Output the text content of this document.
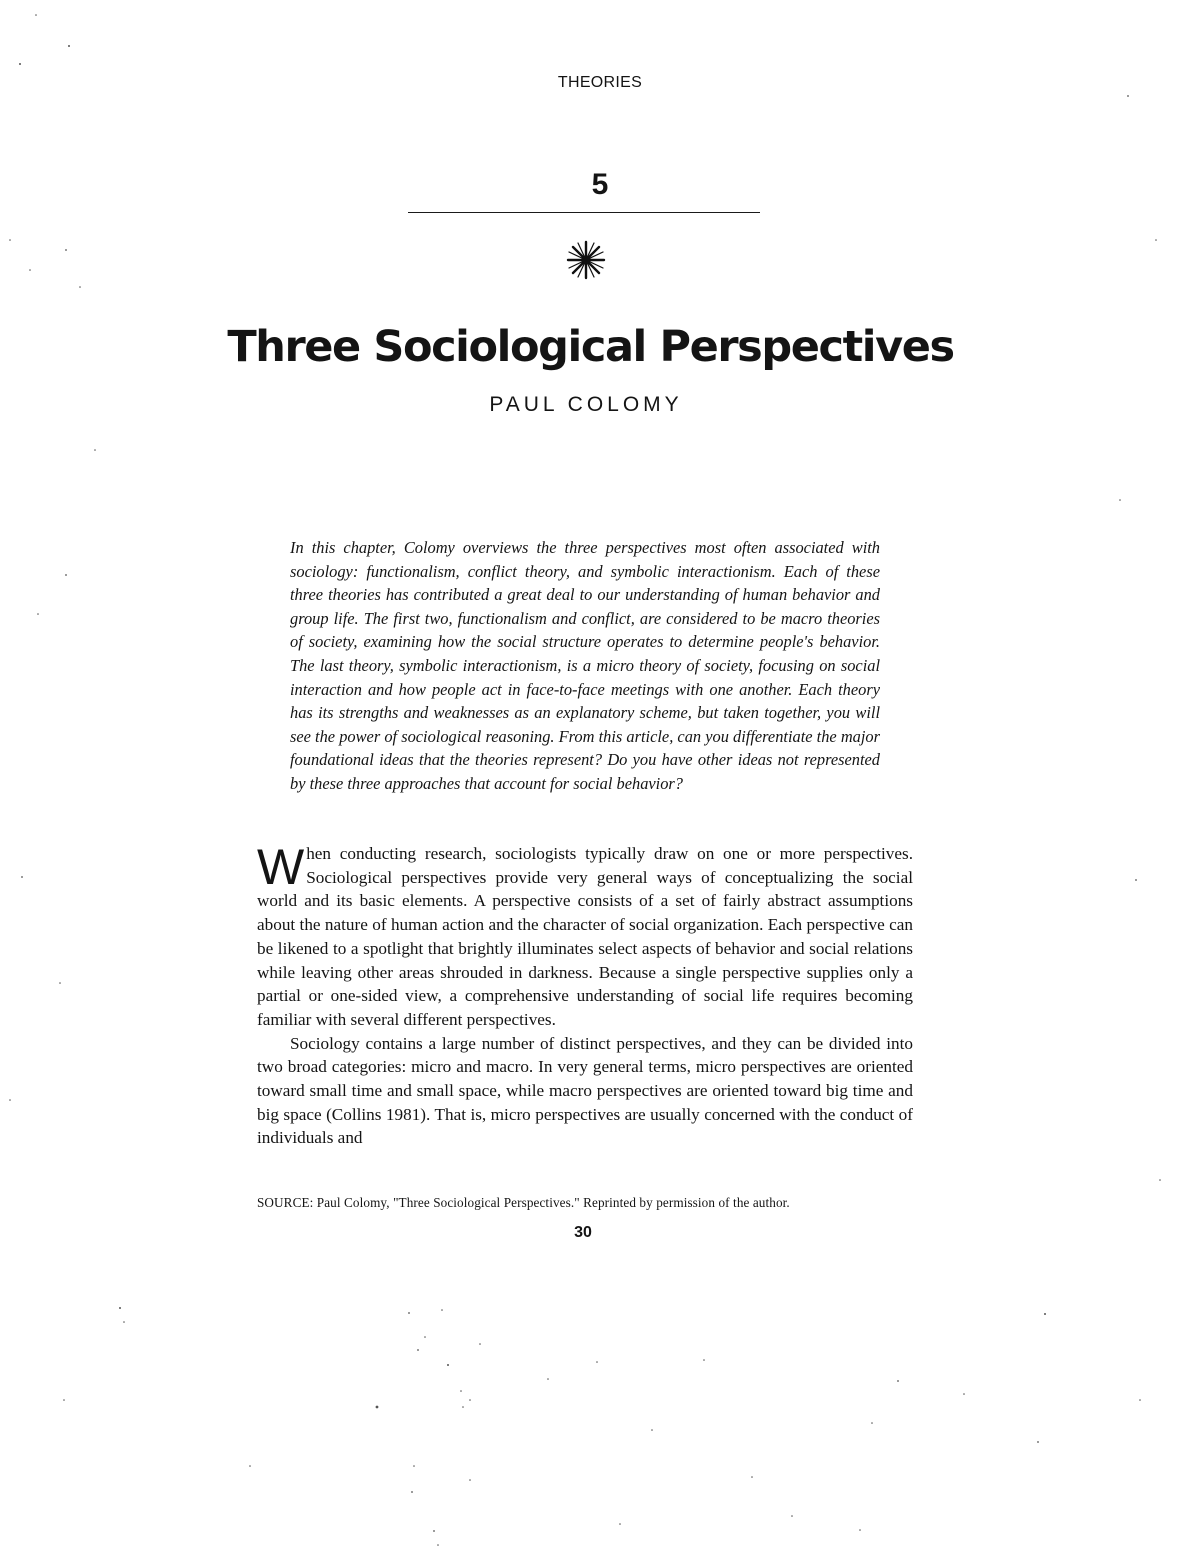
THEORIES
5
Three Sociological Perspectives
PAUL COLOMY

In this chapter, Colomy overviews the three perspectives most often associated with sociology: functionalism, conflict theory, and symbolic interactionism. Each of these three theories has contributed a great deal to our understanding of human behavior and group life. The first two, functionalism and conflict, are considered to be macro theories of society, examining how the social structure operates to determine people's behavior. The last theory, symbolic interactionism, is a micro theory of society, focusing on social interaction and how people act in face-to-face meetings with one another. Each theory has its strengths and weaknesses as an explanatory scheme, but taken together, you will see the power of sociological reasoning. From this article, can you differentiate the major foundational ideas that the theories represent? Do you have other ideas not represented by these three approaches that account for social behavior?

When conducting research, sociologists typically draw on one or more perspectives. Sociological perspectives provide very general ways of conceptualizing the social world and its basic elements. A perspective consists of a set of fairly abstract assumptions about the nature of human action and the character of social organization. Each perspective can be likened to a spotlight that brightly illuminates select aspects of behavior and social relations while leaving other areas shrouded in darkness. Because a single perspective supplies only a partial or one-sided view, a comprehensive understanding of social life requires becoming familiar with several different perspectives.

Sociology contains a large number of distinct perspectives, and they can be divided into two broad categories: micro and macro. In very general terms, micro perspectives are oriented toward small time and small space, while macro perspectives are oriented toward big time and big space (Collins 1981). That is, micro perspectives are usually concerned with the conduct of individuals and

SOURCE: Paul Colomy, "Three Sociological Perspectives." Reprinted by permission of the author.
30
